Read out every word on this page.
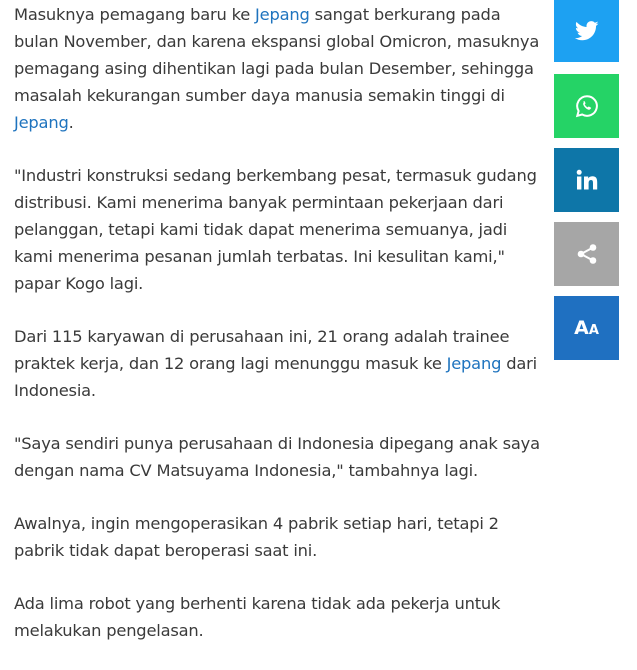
Masuknya pemagang baru ke Jepang sangat berkurang pada bulan November, dan karena ekspansi global Omicron, masuknya pemagang asing dihentikan lagi pada bulan Desember, sehingga masalah kekurangan sumber daya manusia semakin tinggi di Jepang.

"Industri konstruksi sedang berkembang pesat, termasuk gudang distribusi. Kami menerima banyak permintaan pekerjaan dari pelanggan, tetapi kami tidak dapat menerima semuanya, jadi kami menerima pesanan jumlah terbatas. Ini kesulitan kami," papar Kogo lagi.

Dari 115 karyawan di perusahaan ini, 21 orang adalah trainee praktek kerja, dan 12 orang lagi menunggu masuk ke Jepang dari Indonesia.

"Saya sendiri punya perusahaan di Indonesia dipegang anak saya dengan nama CV Matsuyama Indonesia," tambahnya lagi.

Awalnya, ingin mengoperasikan 4 pabrik setiap hari, tetapi 2 pabrik tidak dapat beroperasi saat ini.

Ada lima robot yang berhenti karena tidak ada pekerja untuk melakukan pengelasan.

AA
